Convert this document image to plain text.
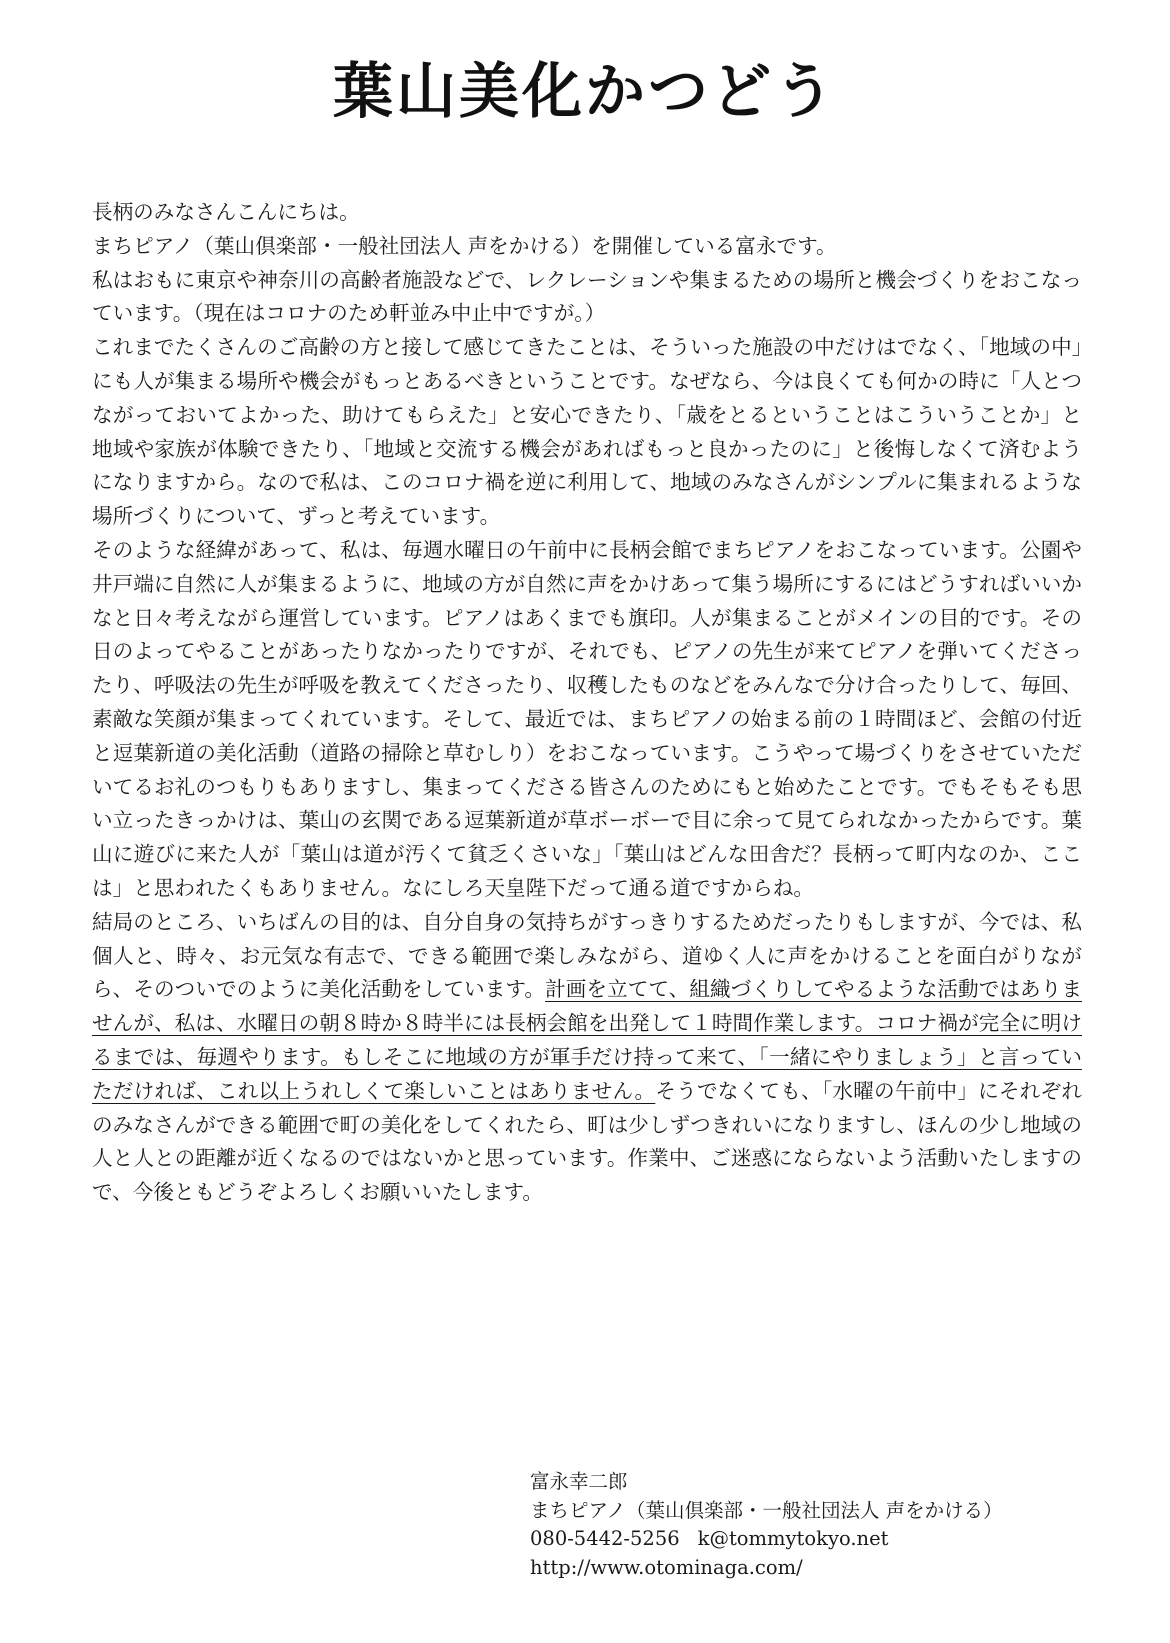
葉山美化かつどう

長柄のみなさんこんにちは。

まちピアノ（葉山倶楽部・一般社団法人 声をかける）を開催している富永です。

私はおもに東京や神奈川の高齢者施設などで、レクレーションや集まるための場所と機会づくりをおこなっています。（現在はコロナのため軒並み中止中ですが。）

これまでたくさんのご高齢の方と接して感じてきたことは、そういった施設の中だけはでなく、「地域の中」にも人が集まる場所や機会がもっとあるべきということです。なぜなら、今は良くても何かの時に「人とつながっておいてよかった、助けてもらえた」と安心できたり、「歳をとるということはこういうことか」と地域や家族が体験できたり、「地域と交流する機会があればもっと良かったのに」と後悔しなくて済むようになりますから。なので私は、このコロナ禍を逆に利用して、地域のみなさんがシンプルに集まれるような場所づくりについて、ずっと考えています。

そのような経緯があって、私は、毎週水曜日の午前中に長柄会館でまちピアノをおこなっています。公園や井戸端に自然に人が集まるように、地域の方が自然に声をかけあって集う場所にするにはどうすればいいかなと日々考えながら運営しています。ピアノはあくまでも旗印。人が集まることがメインの目的です。その日のよってやることがあったりなかったりですが、それでも、ピアノの先生が来てピアノを弾いてくださったり、呼吸法の先生が呼吸を教えてくださったり、収穫したものなどをみんなで分け合ったりして、毎回、素敵な笑顔が集まってくれています。そして、最近では、まちピアノの始まる前の１時間ほど、会館の付近と逗葉新道の美化活動（道路の掃除と草むしり）をおこなっています。こうやって場づくりをさせていただいてるお礼のつもりもありますし、集まってくださる皆さんのためにもと始めたことです。でもそもそも思い立ったきっかけは、葉山の玄関である逗葉新道が草ボーボーで目に余って見てられなかったからです。葉山に遊びに来た人が「葉山は道が汚くて貧乏くさいな」「葉山はどんな田舎だ？長柄って町内なのか、ここは」と思われたくもありません。なにしろ天皇陛下だって通る道ですからね。

結局のところ、いちばんの目的は、自分自身の気持ちがすっきりするためだったりもしますが、今では、私個人と、時々、お元気な有志で、できる範囲で楽しみながら、道ゆく人に声をかけることを面白がりながら、そのついでのように美化活動をしています。計画を立てて、組織づくりしてやるような活動ではありませんが、私は、水曜日の朝８時か８時半には長柄会館を出発して１時間作業します。コロナ禍が完全に明けるまでは、毎週やります。もしそこに地域の方が軍手だけ持って来て、「一緒にやりましょう」と言っていただければ、これ以上うれしくて楽しいことはありません。そうでなくても、「水曜の午前中」にそれぞれのみなさんができる範囲で町の美化をしてくれたら、町は少しずつきれいになりますし、ほんの少し地域の人と人との距離が近くなるのではないかと思っています。作業中、ご迷惑にならないよう活動いたしますので、今後ともどうぞよろしくお願いいたします。

富永幸二郎
まちピアノ（葉山倶楽部・一般社団法人 声をかける）
080-5442-5256 k@tommytokyo.net
http://www.otominaga.com/
